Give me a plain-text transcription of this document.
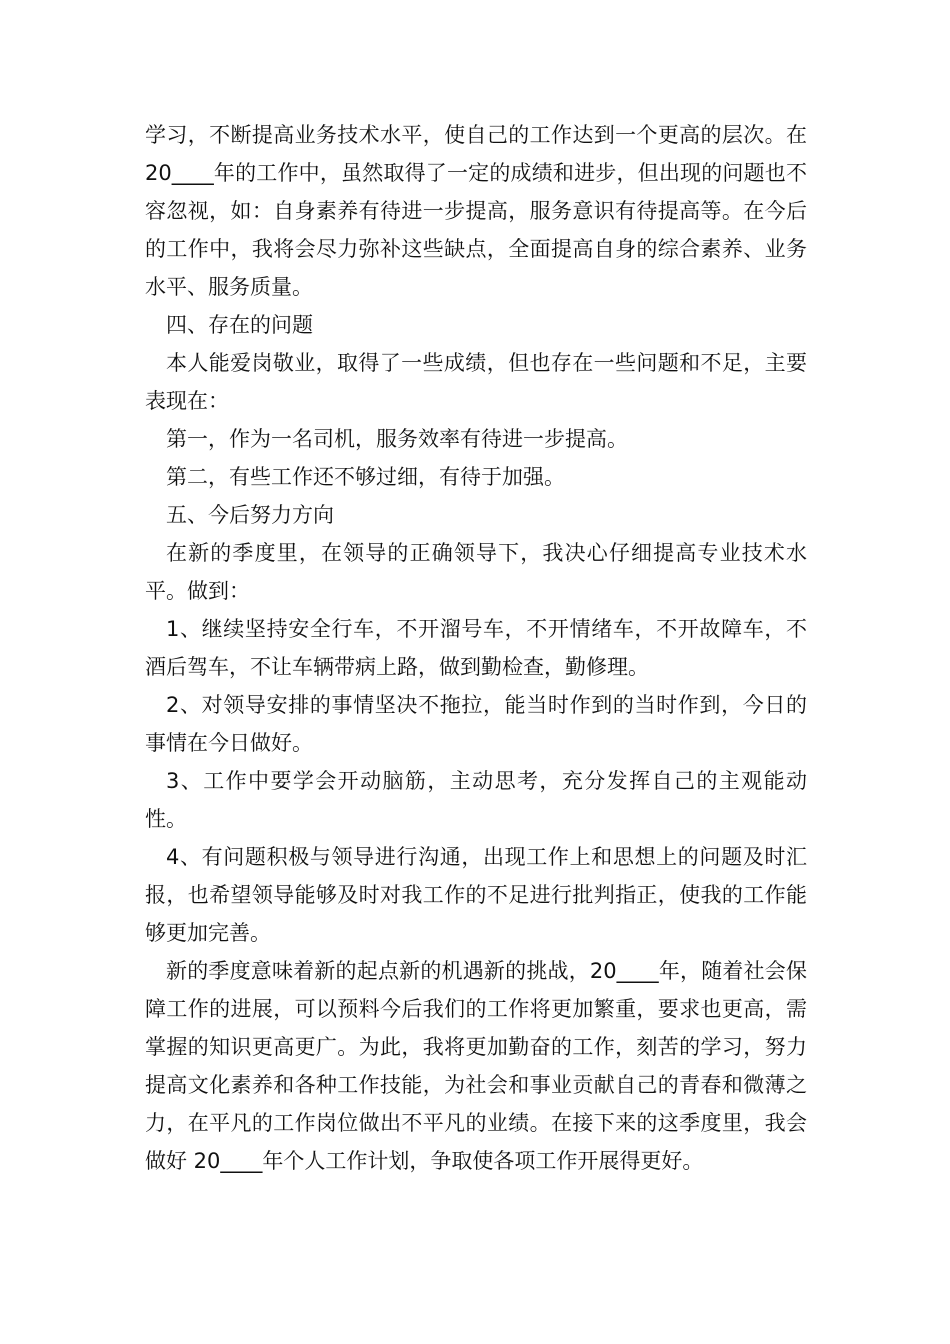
学习，不断提高业务技术水平，使自己的工作达到一个更高的层次。在 20____年的工作中，虽然取得了一定的成绩和进步，但出现的问题也不容忽视，如：自身素养有待进一步提高，服务意识有待提高等。在今后的工作中，我将会尽力弥补这些缺点，全面提高自身的综合素养、业务水平、服务质量。

四、存在的问题

本人能爱岗敬业，取得了一些成绩，但也存在一些问题和不足，主要表现在：

第一，作为一名司机，服务效率有待进一步提高。

第二，有些工作还不够过细，有待于加强。

五、今后努力方向

在新的季度里，在领导的正确领导下，我决心仔细提高专业技术水平。做到：

1、继续坚持安全行车，不开溜号车，不开情绪车，不开故障车，不酒后驾车，不让车辆带病上路，做到勤检查，勤修理。

2、对领导安排的事情坚决不拖拉，能当时作到的当时作到，今日的事情在今日做好。

3、工作中要学会开动脑筋，主动思考，充分发挥自己的主观能动性。

4、有问题积极与领导进行沟通，出现工作上和思想上的问题及时汇报，也希望领导能够及时对我工作的不足进行批判指正，使我的工作能够更加完善。

新的季度意味着新的起点新的机遇新的挑战，20____年，随着社会保障工作的进展，可以预料今后我们的工作将更加繁重，要求也更高，需掌握的知识更高更广。为此，我将更加勤奋的工作，刻苦的学习，努力提高文化素养和各种工作技能，为社会和事业贡献自己的青春和微薄之力，在平凡的工作岗位做出不平凡的业绩。在接下来的这季度里，我会做好 20____年个人工作计划，争取使各项工作开展得更好。
